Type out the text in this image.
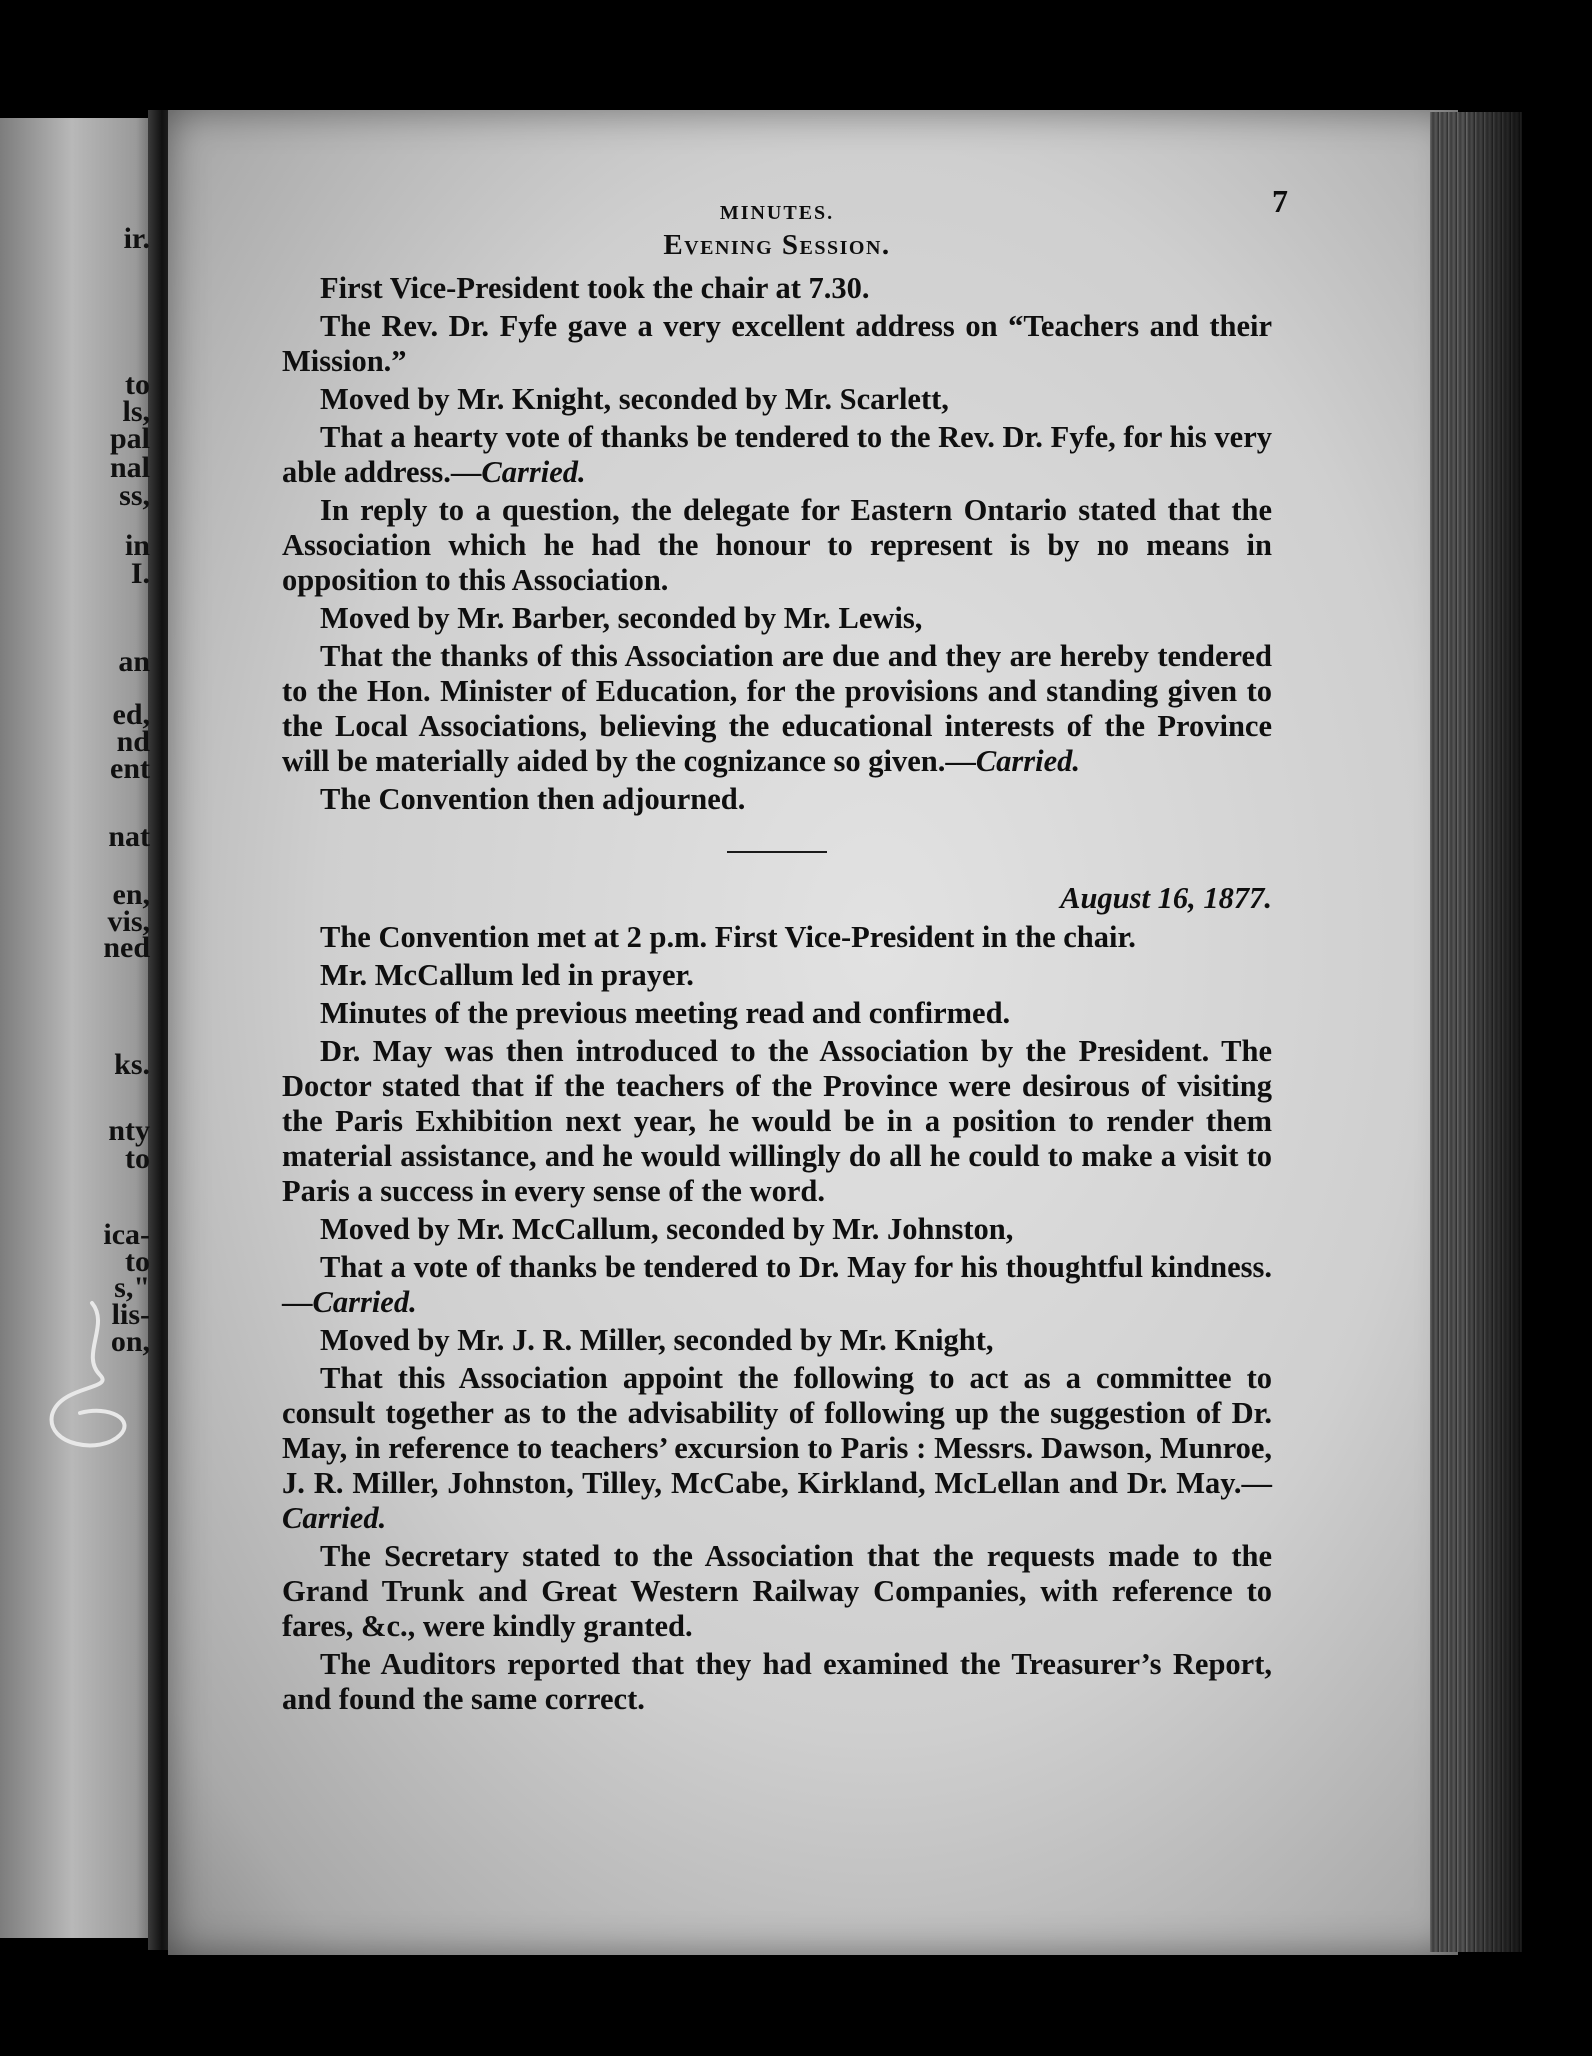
ir.

to

ls,

pal

nal

ss,

in

I.

an

ed,

nd

ent

nat

en,

vis,

ned

ks.

nty

to

ica-

to

s,"

lis-

on,

MINUTES.	7

Evening Session.

First Vice-President took the chair at 7.30.

The Rev. Dr. Fyfe gave a very excellent address on “Teachers and their Mission.”

Moved by Mr. Knight, seconded by Mr. Scarlett,

That a hearty vote of thanks be tendered to the Rev. Dr. Fyfe, for his very able address.—Carried.

In reply to a question, the delegate for Eastern Ontario stated that the Association which he had the honour to represent is by no means in opposition to this Association.

Moved by Mr. Barber, seconded by Mr. Lewis,

That the thanks of this Association are due and they are hereby tendered to the Hon. Minister of Education, for the provisions and standing given to the Local Associations, believing the educational interests of the Province will be materially aided by the cognizance so given.—Carried.

The Convention then adjourned.

August 16, 1877.

The Convention met at 2 p.m. First Vice-President in the chair.

Mr. McCallum led in prayer.

Minutes of the previous meeting read and confirmed.

Dr. May was then introduced to the Association by the President. The Doctor stated that if the teachers of the Province were desirous of visiting the Paris Exhibition next year, he would be in a position to render them material assistance, and he would willingly do all he could to make a visit to Paris a success in every sense of the word.

Moved by Mr. McCallum, seconded by Mr. Johnston,

That a vote of thanks be tendered to Dr. May for his thoughtful kindness.—Carried.

Moved by Mr. J. R. Miller, seconded by Mr. Knight,

That this Association appoint the following to act as a committee to consult together as to the advisability of following up the suggestion of Dr. May, in reference to teachers’ excursion to Paris : Messrs. Dawson, Munroe, J. R. Miller, Johnston, Tilley, McCabe, Kirkland, McLellan and Dr. May.—Carried.

The Secretary stated to the Association that the requests made to the Grand Trunk and Great Western Railway Companies, with reference to fares, &c., were kindly granted.

The Auditors reported that they had examined the Treasurer’s Report, and found the same correct.
